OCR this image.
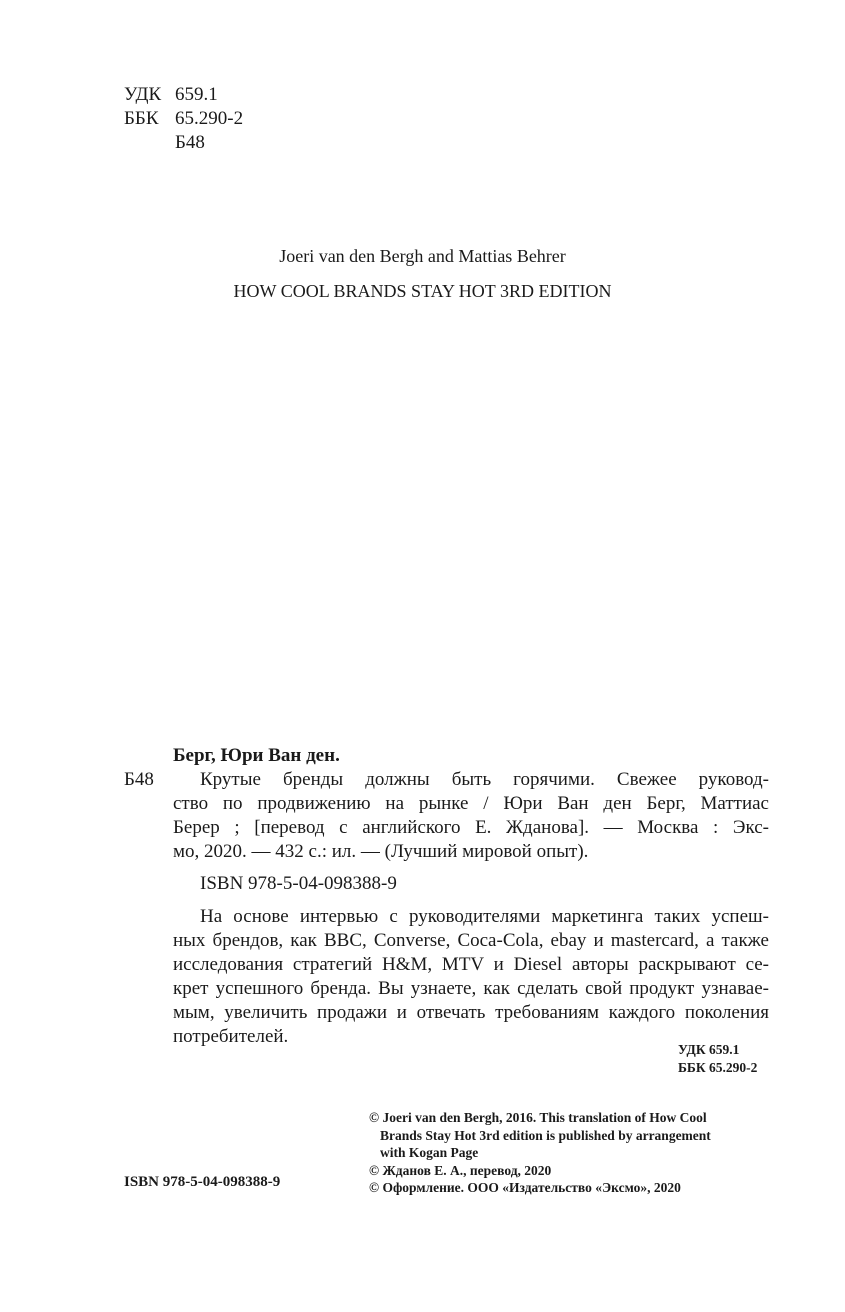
УДК 659.1
ББК 65.290-2
Б48
Joeri van den Bergh and Mattias Behrer
HOW COOL BRANDS STAY HOT 3RD EDITION
Берг, Юри Ван ден.
Б48	Крутые бренды должны быть горячими. Свежее руковод-
ство по продвижению на рынке / Юри Ван ден Берг, Маттиас
Берер ; [перевод с английского Е. Жданова]. — Москва : Экс-
мо, 2020. — 432 с.: ил. — (Лучший мировой опыт).
ISBN 978-5-04-098388-9
На основе интервью с руководителями маркетинга таких успеш-
ных брендов, как BBC, Converse, Coca-Cola, ebay и mastercard, а также
исследования стратегий H&M, MTV и Diesel авторы раскрывают се-
крет успешного бренда. Вы узнаете, как сделать свой продукт узнавае-
мым, увеличить продажи и отвечать требованиям каждого поколения
потребителей.
УДК 659.1
ББК 65.290-2
ISBN 978-5-04-098388-9
© Joeri van den Bergh, 2016. This translation of How Cool
Brands Stay Hot 3rd edition is published by arrangement
with Kogan Page
© Жданов Е. А., перевод, 2020
© Оформление. ООО «Издательство «Эксмо», 2020
